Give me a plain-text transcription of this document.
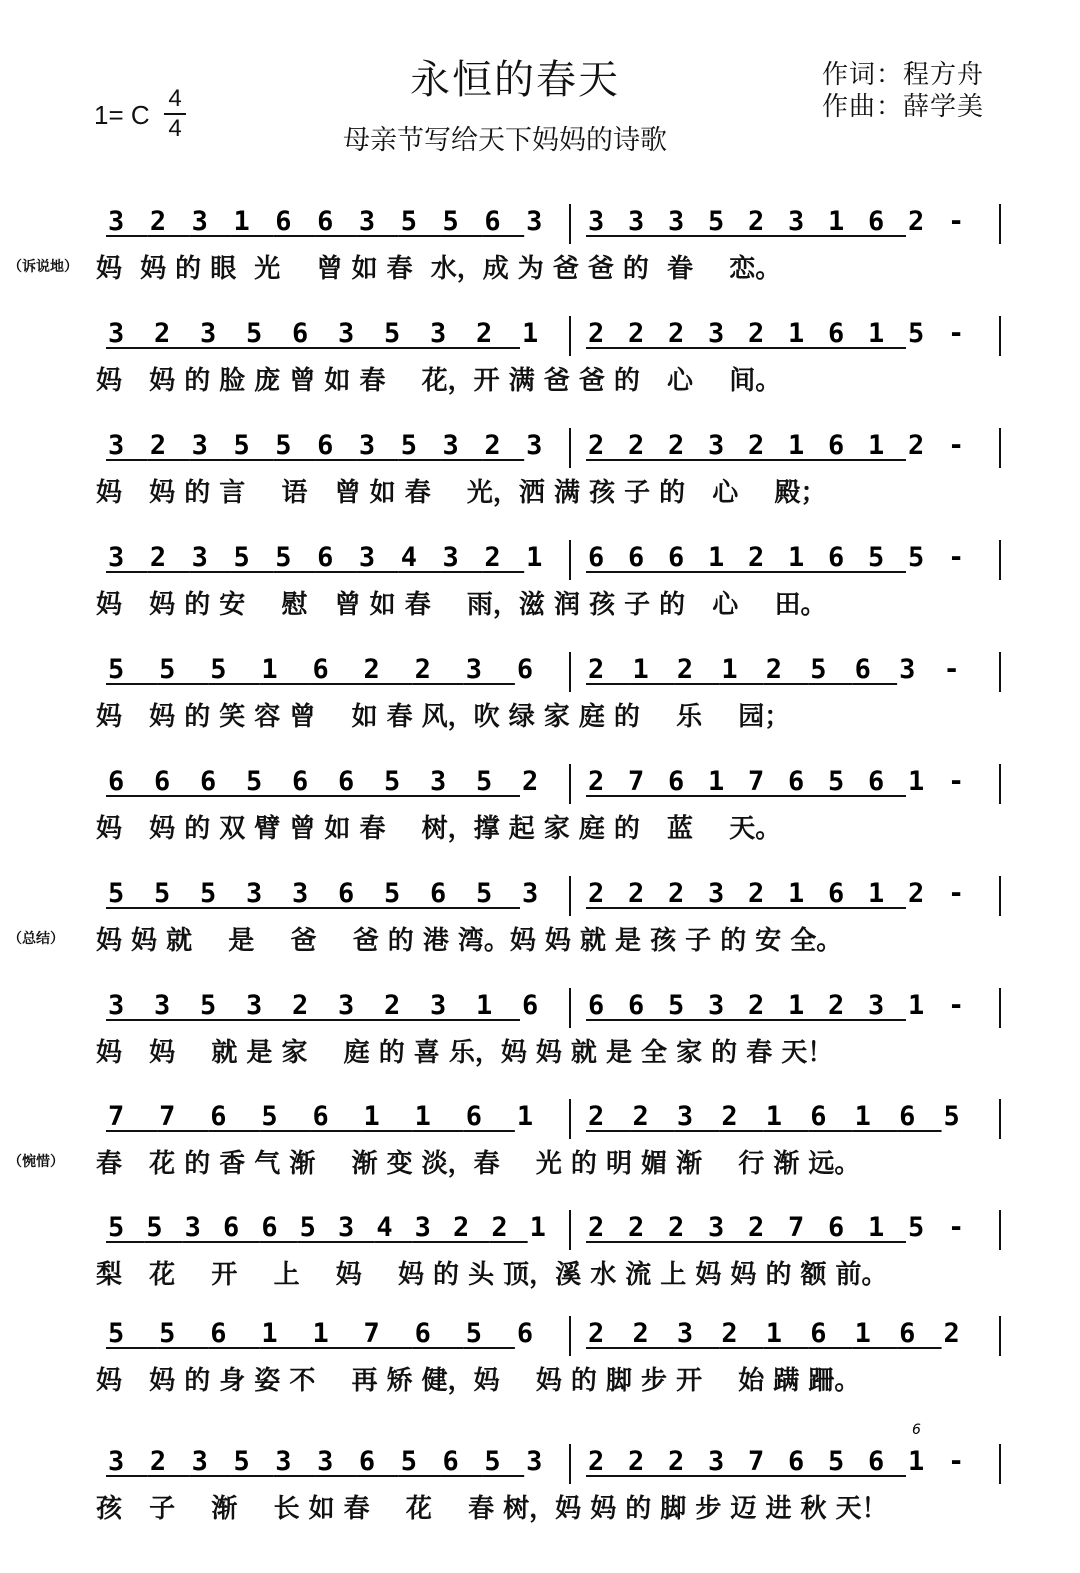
永恒的春天
母亲节写给天下妈妈的诗歌
作词：程方舟
作曲：薛学美
1= C
4
4
3 2 3 1 6 6 3 5 5 6 3 3 3 3 5 2 3 1 6 2 -
（诉说地） 妈  妈 的 眼  光    曾 如 春  水，成 为 爸 爸 的  眷    恋。
3 2 3 5 6 3 5 3 2 1 2 2 2 3 2 1 6 1 5 -
妈   妈 的 脸 庞 曾 如 春    花，开 满 爸 爸 的   心    间。
3 2 3 5 5 6 3 5 3 2 3 2 2 2 3 2 1 6 1 2 -
妈   妈 的 言    语   曾 如 春    光，洒 满 孩 子 的   心    殿；
3 2 3 5 5 6 3 4 3 2 1 6 6 6 1 2 1 6 5 5 -
妈   妈 的 安    慰   曾 如 春    雨，滋 润 孩 子 的   心    田。
5 5 5 1 6 2 2 3 6 2 1 2 1 2 5 6 3 -
妈   妈 的 笑 容 曾    如 春 风，吹 绿 家 庭 的    乐    园；
6 6 6 5 6 6 5 3 5 2 2 7 6 1 7 6 5 6 1 -
妈   妈 的 双 臂 曾 如 春    树，撑 起 家 庭 的   蓝    天。
5 5 5 3 3 6 5 6 5 3 2 2 2 3 2 1 6 1 2 -
（总结） 妈 妈 就    是    爸    爸 的 港 湾。妈 妈 就 是 孩 子 的 安 全。
3 3 5 3 2 3 2 3 1 6 6 6 5 3 2 1 2 3 1 -
妈   妈    就 是 家    庭 的 喜 乐，妈 妈 就 是 全 家 的 春 天！
7 7 6 5 6 1 1 6 1 2 2 3 2 1 6 1 6 5
（惋惜） 春   花 的 香 气 渐    渐 变 淡，春    光 的 明 媚 渐    行 渐 远。
5 5 3 6 6 5 3 4 3 2 2 1 2 2 2 3 2 7 6 1 5 -
梨   花    开    上    妈    妈 的 头 顶，溪 水 流 上 妈 妈 的 额 前。
5 5 6 1 1 7 6 5 6 2 2 3 2 1 6 1 6 2
妈   妈 的 身 姿 不    再 矫 健，妈    妈 的 脚 步 开    始 蹒 跚。
3 2 3 5 3 3 6 5 6 5 3 2 2 2 3 7 6 5 6 1 -
6
孩   子    渐    长 如 春    花    春 树，妈 妈 的 脚 步 迈 进 秋 天！
